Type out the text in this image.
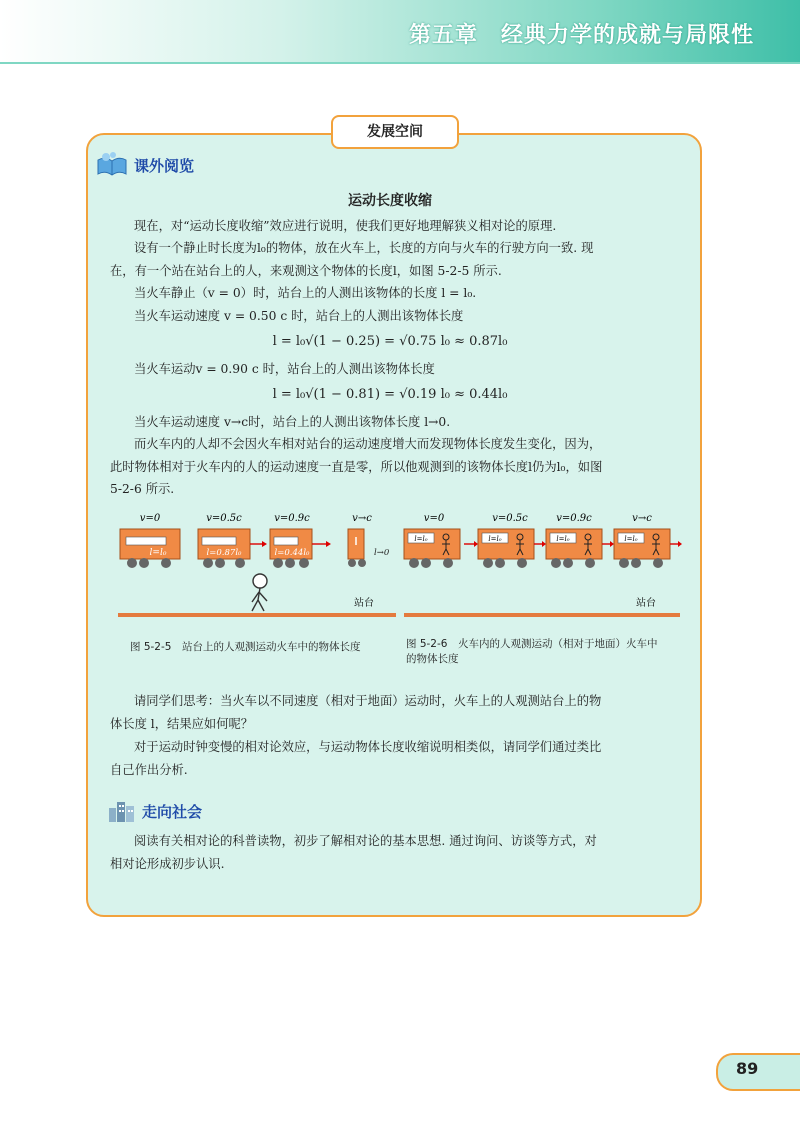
第五章　经典力学的成就与局限性
发展空间
课外阅览
运动长度收缩

现在，对“运动长度收缩”效应进行说明，使我们更好地理解狭义相对论的原理.

设有一个静止时长度为l₀的物体，放在火车上，长度的方向与火车的行驶方向一致. 现

在，有一个站在站台上的人，来观测这个物体的长度l，如图 5-2-5 所示.

当火车静止（v = 0）时，站台上的人测出该物体的长度 l = l₀.

当火车运动速度 v = 0.50 c 时，站台上的人测出该物体长度

l = l₀√(1 − 0.25) = √0.75 l₀ ≈ 0.87l₀

当火车运动v = 0.90 c 时，站台上的人测出该物体长度

l = l₀√(1 − 0.81) = √0.19 l₀ ≈ 0.44l₀

当火车运动速度 v→c时，站台上的人测出该物体长度 l→0.

而火车内的人却不会因火车相对站台的运动速度增大而发现物体长度发生变化，因为，

此时物体相对于火车内的人的运动速度一直是零，所以他观测到的该物体长度l仍为l₀，如图

5-2-6 所示.

v=0	v=0.5c	v=0.9c	v→c
l=l₀	l=0.87l₀	l=0.44l₀	l→0
站台
v=0	v=0.5c	v=0.9c	v→c
l=l₀	l=l₀	l=l₀	l=l₀
站台
图 5-2-5　站台上的人观测运动火车中的物体长度	图 5-2-6　火车内的人观测运动（相对于地面）火车中
的物体长度

请同学们思考：当火车以不同速度（相对于地面）运动时，火车上的人观测站台上的物

体长度 l，结果应如何呢？

对于运动时钟变慢的相对论效应，与运动物体长度收缩说明相类似，请同学们通过类比

自己作出分析.

走向社会

阅读有关相对论的科普读物，初步了解相对论的基本思想. 通过询问、访谈等方式，对

相对论形成初步认识.

89
